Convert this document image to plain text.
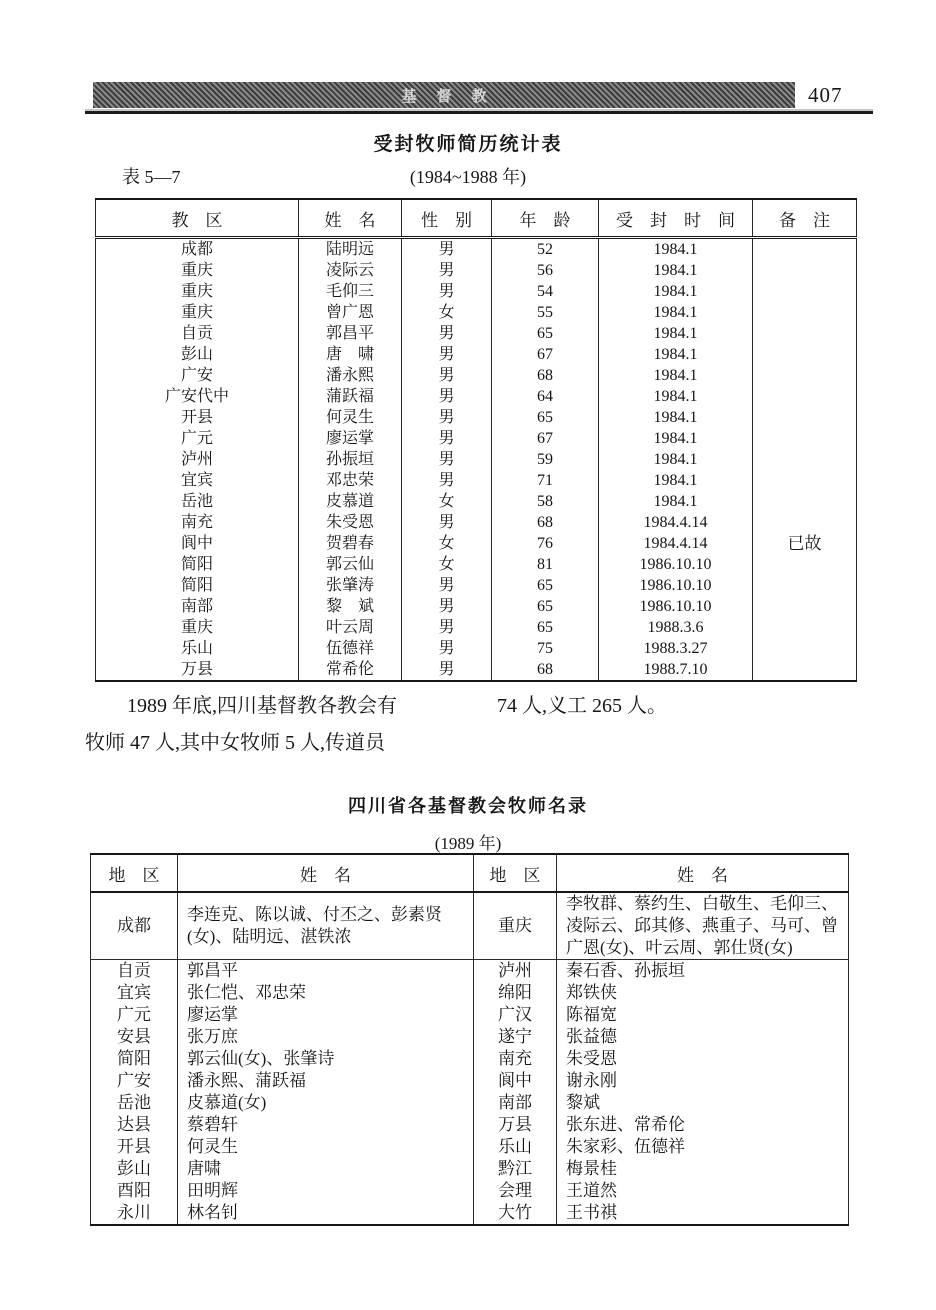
基督教	407
受封牧师简历统计表
表 5—7	(1984~1988 年)
教　区	姓　名	性　别	年　龄	受　封　时　间	备　注
成都	陆明远	男	52	1984.1	
重庆	凌际云	男	56	1984.1	
重庆	毛仰三	男	54	1984.1	
重庆	曾广恩	女	55	1984.1	
自贡	郭昌平	男	65	1984.1	
彭山	唐　啸	男	67	1984.1	
广安	潘永熙	男	68	1984.1	
广安代中	蒲跃福	男	64	1984.1	
开县	何灵生	男	65	1984.1	
广元	廖运掌	男	67	1984.1	
泸州	孙振垣	男	59	1984.1	
宜宾	邓忠荣	男	71	1984.1	
岳池	皮慕道	女	58	1984.1	
南充	朱受恩	男	68	1984.4.14	
阆中	贺碧春	女	76	1984.4.14	已故
简阳	郭云仙	女	81	1986.10.10	
简阳	张肇涛	男	65	1986.10.10	
南部	黎　斌	男	65	1986.10.10	
重庆	叶云周	男	65	1988.3.6	
乐山	伍德祥	男	75	1988.3.27	
万县	常希伦	男	68	1988.7.10	
1989 年底,四川基督教各教会有
牧师 47 人,其中女牧师 5 人,传道员
74 人,义工 265 人。
四川省各基督教会牧师名录
(1989 年)
地　区	姓　名	地　区	姓　名
成都	李连克、陈以诚、付丕之、彭素贤(女)、陆明远、湛铁浓	重庆	李牧群、蔡约生、白敬生、毛仰三、凌际云、邱其修、燕重子、马可、曾广恩(女)、叶云周、郭仕贤(女)
自贡	郭昌平	泸州	秦石香、孙振垣
宜宾	张仁恺、邓忠荣	绵阳	郑铁侠
广元	廖运掌	广汉	陈福宽
安县	张万庶	遂宁	张益德
简阳	郭云仙(女)、张肇诗	南充	朱受恩
广安	潘永熙、蒲跃福	阆中	谢永刚
岳池	皮慕道(女)	南部	黎斌
达县	蔡碧轩	万县	张东进、常希伦
开县	何灵生	乐山	朱家彩、伍德祥
彭山	唐啸	黔江	梅景桂
酉阳	田明辉	会理	王道然
永川	林名钊	大竹	王书祺
